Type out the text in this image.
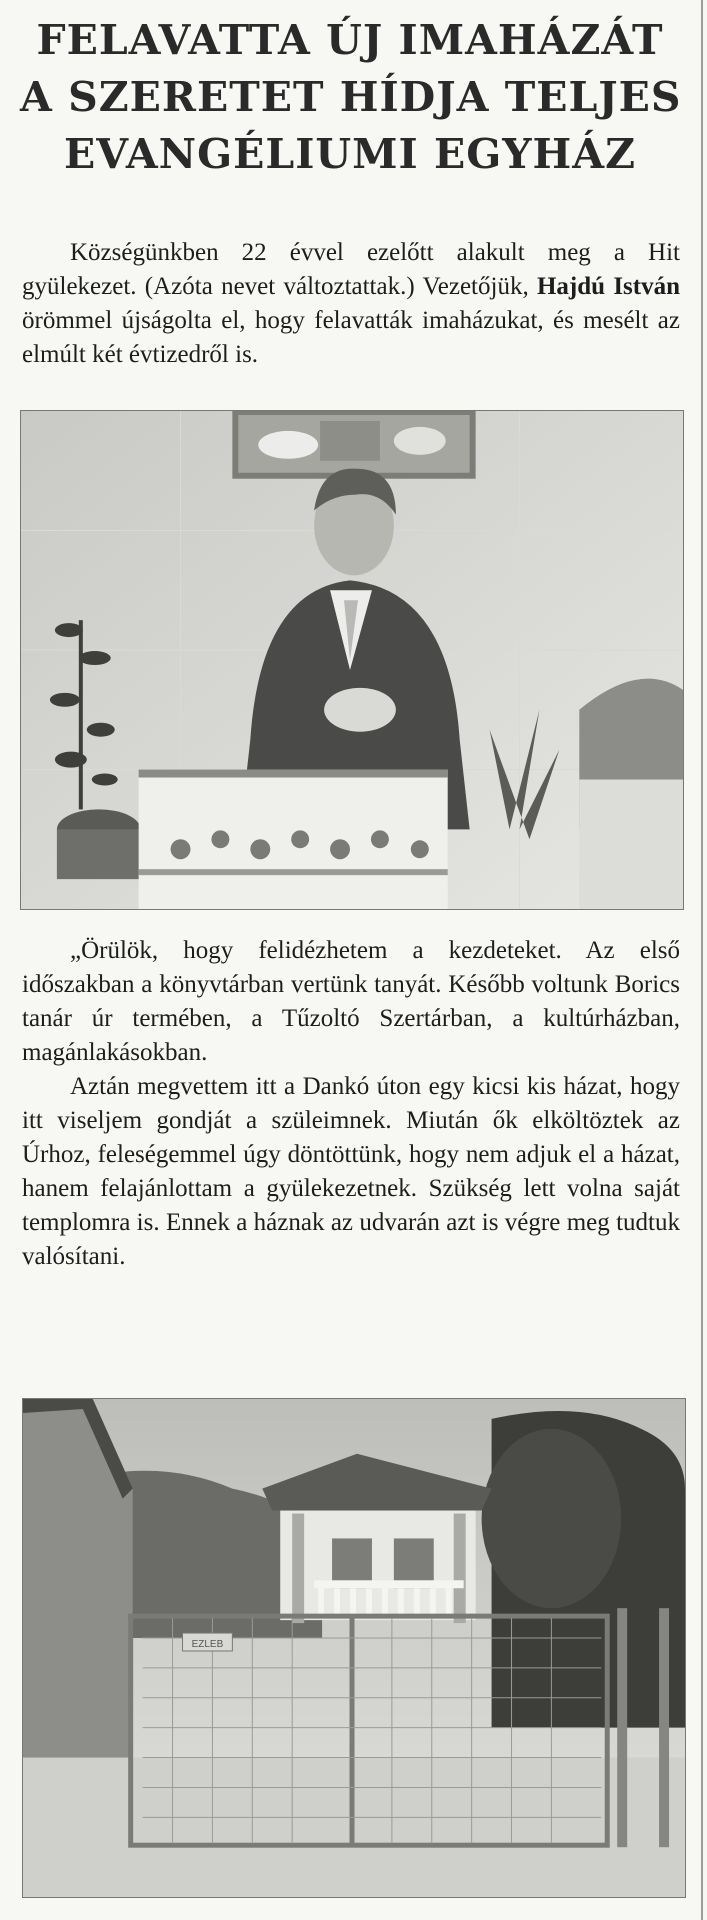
FELAVATTA ÚJ IMAHÁZÁT
A SZERETET HÍDJA TELJES
EVANGÉLIUMI EGYHÁZ

Községünkben 22 évvel ezelőtt alakult meg a Hit gyülekezet. (Azóta nevet változtattak.) Vezetőjük, Hajdú István örömmel újságolta el, hogy felavatták imaházukat, és mesélt az elmúlt két évtizedről is.

„Örülök, hogy felidézhetem a kezdeteket. Az első időszakban a könyvtárban vertünk tanyát. Később voltunk Borics tanár úr termében, a Tűzoltó Szertárban, a kultúrházban, magánlakásokban.

Aztán megvettem itt a Dankó úton egy kicsi kis házat, hogy itt viseljem gondját a szüleimnek. Miután ők elköltöztek az Úrhoz, feleségemmel úgy döntöttünk, hogy nem adjuk el a házat, hanem felajánlottam a gyülekezetnek. Szükség lett volna saját templomra is. Ennek a háznak az udvarán azt is végre meg tudtuk valósítani.

EZLEB
